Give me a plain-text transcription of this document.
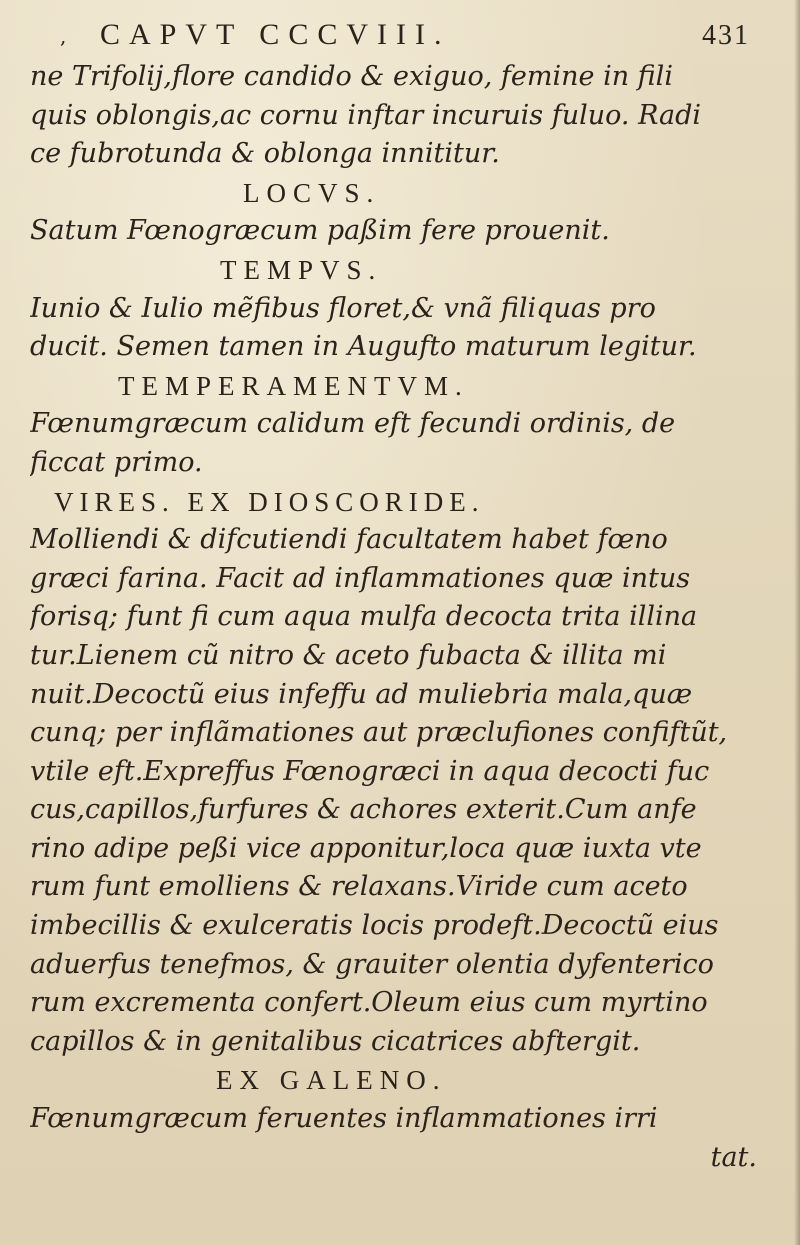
, CAPVT CCCVIII.	431
ne Trifolij,flore candido & exiguo, femine in fili
quis oblongis,ac cornu inftar incuruis fuluo. Radi
ce fubrotunda & oblonga innititur.
LOCVS.
Satum Fœnogræcum paßim fere prouenit.
TEMPVS.
Iunio & Iulio mẽfibus floret,& vnã filiquas pro
ducit. Semen tamen in Augufto maturum legitur.
TEMPERAMENTVM.
Fœnumgræcum calidum eft fecundi ordinis, de
ficcat primo.
VIRES. EX DIOSCORIDE.
Molliendi & difcutiendi facultatem habet fœno
græci farina. Facit ad inflammationes quæ intus
forisq; funt fi cum aqua mulfa decocta trita illina
tur.Lienem cũ nitro & aceto fubacta & illita mi
nuit.Decoctũ eius infeffu ad muliebria mala,quæ
cunq; per inflãmationes aut præclufiones confiftũt,
vtile eft.Expreffus Fœnogræci in aqua decocti fuc
cus,capillos,furfures & achores exterit.Cum anfe
rino adipe peßi vice apponitur,loca quæ iuxta vte
rum funt emolliens & relaxans.Viride cum aceto
imbecillis & exulceratis locis prodeft.Decoctũ eius
aduerfus tenefmos, & grauiter olentia dyfenterico
rum excrementa confert.Oleum eius cum myrtino
capillos & in genitalibus cicatrices abftergit.
EX GALENO.
Fœnumgræcum feruentes inflammationes irri
tat.
